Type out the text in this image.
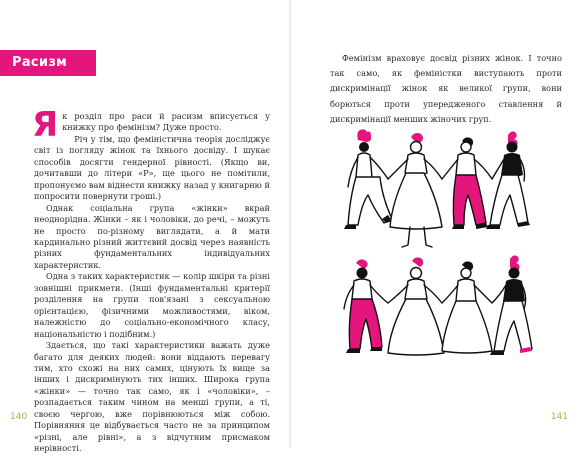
Расизм

Як розділ про раси й расизм вписується у книжку про фемінізм? Дуже просто.

Річ у тім, що феміністична теорія досліджує світ із погляду жінок та їхнього досвіду. І шукає способів досягти гендерної рівності. (Якщо ви, дочитавши до літери «Р», ще цього не помітили, пропонуємо вам віднести книжку назад у книгарню й попросити повернути гроші.)

Однак соціальна група «жінки» вкрай неоднорідна. Жінки – як і чоловіки, до речі, – можуть не просто по-різному виглядати, а й мати кардинально різний життєвий досвід через наявність різних фундаментальних індивідуальних характеристик.

Одна з таких характеристик — колір шкіри та різні зовнішні прикмети. (Інші фундаментальні критерії розділення на групи пов'язані з сексуальною орієнтацією, фізичними можливостями, віком, належністю до соціально-економічного класу, національністю і подібним.)

Здається, що такі характеристики важать дуже багато для деяких людей: вони віддають перевагу тим, хто схожі на них самих, цінують їх вище за інших і дискримінують тих інших. Широка група «жінки» — точно так само, як і «чоловіки», – розпадається таким чином на менші групи, а ті, своєю чергою, вже порівнюються між собою. Порівняння це відбувається часто не за принципом «різні, але рівні», а з відчутним присмаком нерівності.

140

Фемінізм враховує досвід різних жінок. І точно так само, як феміністки виступають проти дискримінації жінок як великої групи, вони борються проти упередженого ставлення й дискримінації менших жіночих груп.

141
